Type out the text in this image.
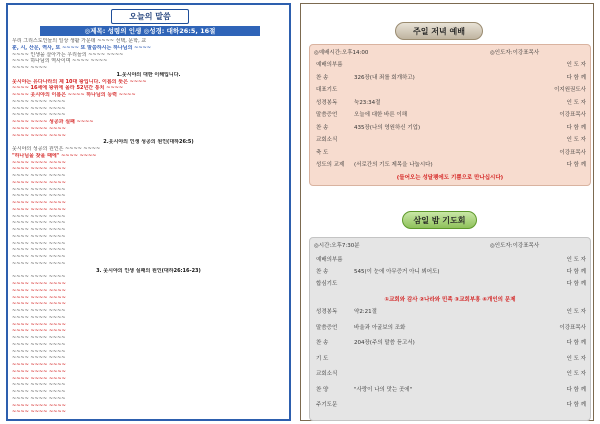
오늘의 말씀
◎제목: 성령의 인생 ◎성경: 대하26:5, 16절
우리 그리스도인들의 일상 생활 가운데 ~~~~ 선택, 문학, 교
훈, 시, 산문, 역사, 또 ~~~~ 또 말씀하시는 하나님의 ~~~~
~~~~ 인생을 살아가는 우리들의 ~~~~ ~~~~
~~~~ 하나님의 역사이며 ~~~~ ~~~~
~~~~ ~~~~
1.웃시야의 대한 이해입니다.
웃시야는 유다나라의 제 10대 왕입니다. 이름의 뜻은 ~~~~
~~~~ 16세에 왕위에 올라 52년간 통치 ~~~~
~~~~ 웃시야의 이름은 ~~~~ 하나님의 능력 ~~~~
~~~~ ~~~~ ~~~~
~~~~ ~~~~ ~~~~
~~~~ ~~~~ ~~~~
~~~~ ~~~~ 성공과 실패 ~~~~
~~~~ ~~~~ ~~~~
~~~~ ~~~~ ~~~~
2.웃시야의 인생 성공의 원인(대하26:5)
웃시야의 성공의 원인은 ~~~~ ~~~~
"하나님을 찾을 때에" ~~~~ ~~~~
~~~~ ~~~~ ~~~~
~~~~ ~~~~ ~~~~
~~~~ ~~~~ ~~~~
~~~~ ~~~~ ~~~~
~~~~ ~~~~ ~~~~
~~~~ ~~~~ ~~~~
~~~~ ~~~~ ~~~~
~~~~ ~~~~ ~~~~
~~~~ ~~~~ ~~~~
~~~~ ~~~~ ~~~~
~~~~ ~~~~ ~~~~
~~~~ ~~~~ ~~~~
~~~~ ~~~~ ~~~~
~~~~ ~~~~ ~~~~
~~~~ ~~~~ ~~~~
~~~~ ~~~~ ~~~~
3. 웃시야의 인생 실패의 원인(대하26:16-23)
~~~~ ~~~~ ~~~~
~~~~ ~~~~ ~~~~
~~~~ ~~~~ ~~~~
~~~~ ~~~~ ~~~~
~~~~ ~~~~ ~~~~
~~~~ ~~~~ ~~~~
~~~~ ~~~~ ~~~~
~~~~ ~~~~ ~~~~
~~~~ ~~~~ ~~~~
~~~~ ~~~~ ~~~~
~~~~ ~~~~ ~~~~
~~~~ ~~~~ ~~~~
~~~~ ~~~~ ~~~~
~~~~ ~~~~ ~~~~
~~~~ ~~~~ ~~~~
~~~~ ~~~~ ~~~~
~~~~ ~~~~ ~~~~
~~~~ ~~~~ ~~~~
~~~~ ~~~~ ~~~~
~~~~ ~~~~ ~~~~
~~~~ ~~~~ ~~~~
주일 저녁 예배
◎예배시간:오후14:00	◎인도자:이강표목사
예배의부름	인 도 자
찬 송	326장(내 죄를 회개하고)	다 함 께
대표기도	이지원권도사
성경봉독	눅23:34절	인 도 자
말씀증언	오늘에 대한 바른 이해	이강표목사
찬 송	435장(나의 영원하신 기업)	다 함 께
교회소식	인 도 자
축 도	이강표목사
성도의 교제 (서로간의 기도 제목을 나눕시다)	다 함 께
(들어오는 성달팽에도 기쁨으로 만나십시다)
삼일 밤 기도회
◎시간:오후7:30분	◎인도자:이강표목사
예배의부름	인 도 자
찬 송	545(이 눈에 아무증거 아니 뵈어도)	다 함 께
합심기도	다 함 께
①교회와 감사 ②나라와 민족 ③교회부흥 ④개인의 문제
성경봉독	약2:21절	인 도 자
말씀증언	바울과 아굴보의 조화	이강표목사
찬 송	204장(주의 말씀 듣고서)	다 함 께
기 도	인 도 자
교회소식	인 도 자
찬 양	"사랑이 나의 맛는 곳에"	다 함 께
주기도문	다 함 께
